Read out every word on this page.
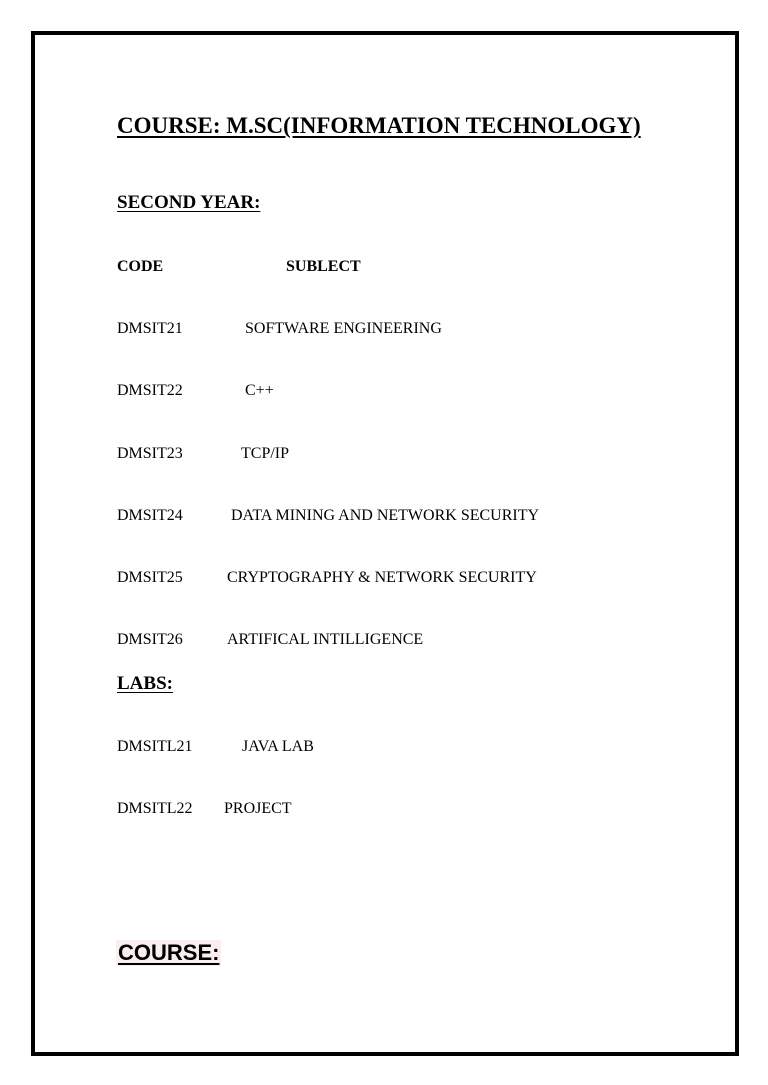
COURSE: M.SC(INFORMATION TECHNOLOGY)
SECOND YEAR:
CODE	SUBLECT
DMSIT21	SOFTWARE ENGINEERING
DMSIT22	C++
DMSIT23	TCP/IP
DMSIT24	DATA MINING AND NETWORK SECURITY
DMSIT25	CRYPTOGRAPHY & NETWORK SECURITY
DMSIT26	ARTIFICAL INTILLIGENCE
LABS:
DMSITL21	JAVA LAB
DMSITL22 PROJECT
COURSE:
